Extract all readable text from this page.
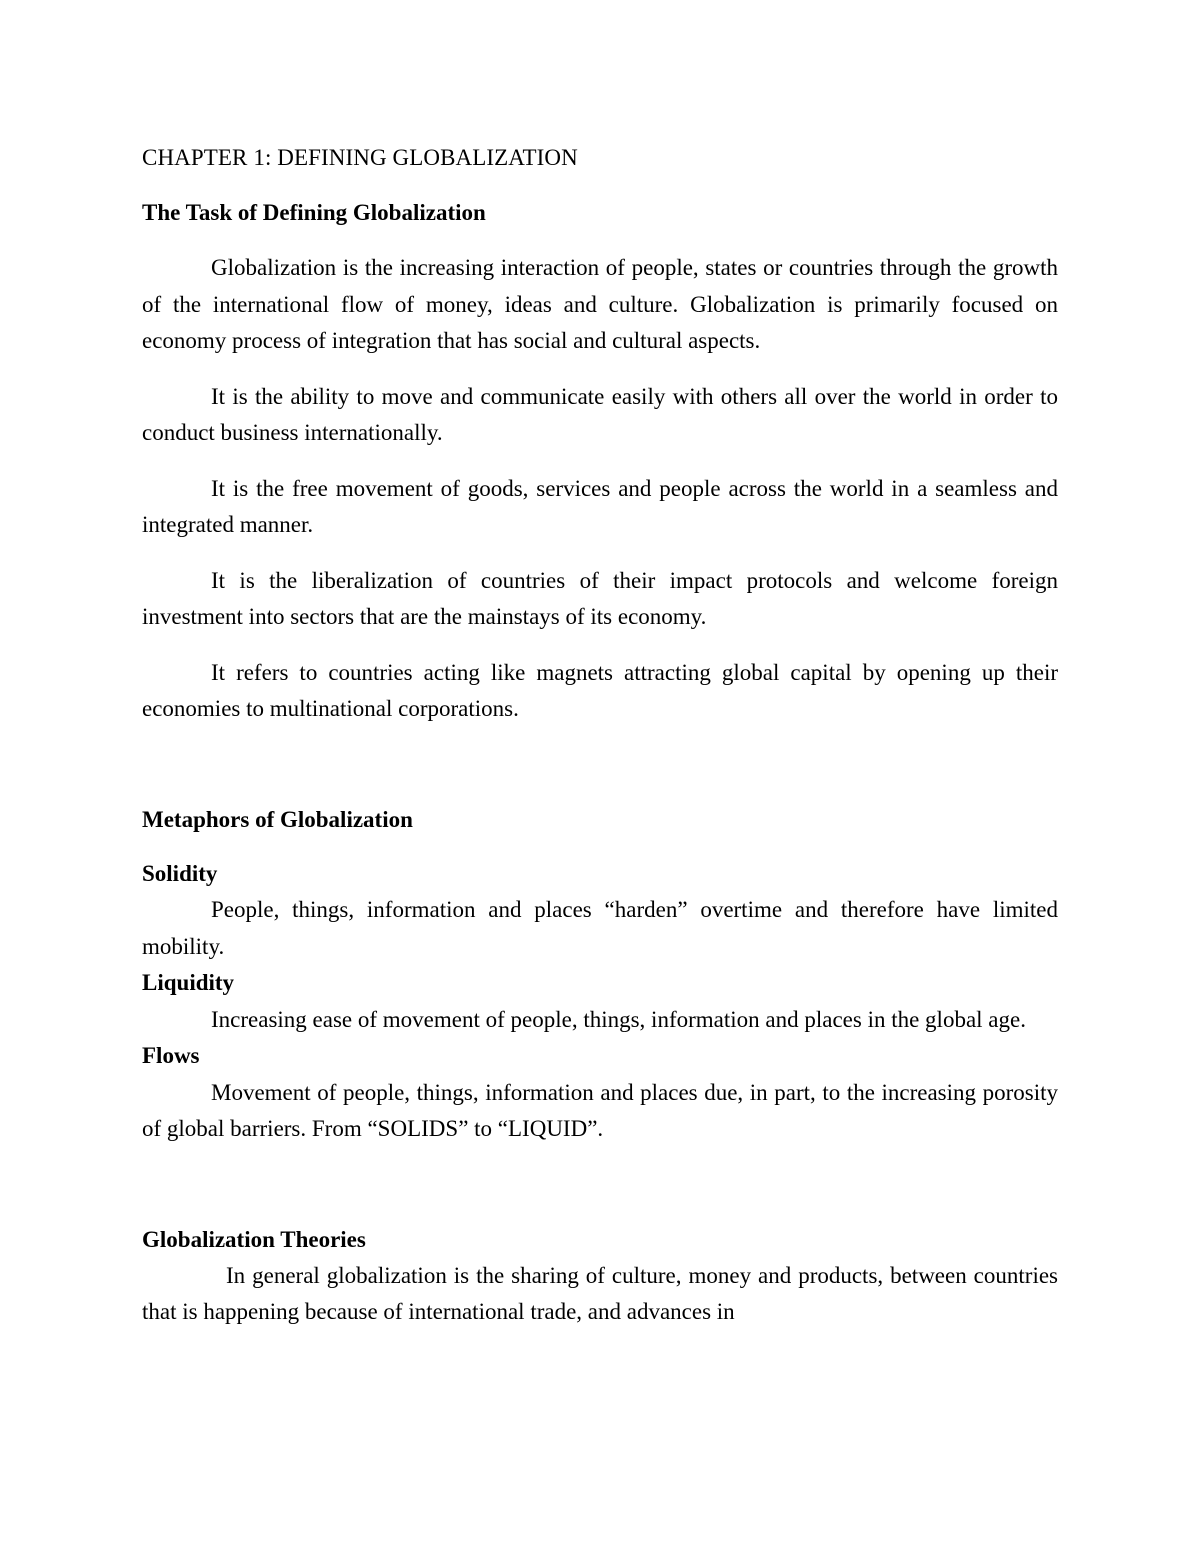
CHAPTER 1: DEFINING GLOBALIZATION

The Task of Defining Globalization

Globalization is the increasing interaction of people, states or countries through the growth of the international flow of money, ideas and culture. Globalization is primarily focused on economy process of integration that has social and cultural aspects.

It is the ability to move and communicate easily with others all over the world in order to conduct business internationally.

It is the free movement of goods, services and people across the world in a seamless and integrated manner.

It is the liberalization of countries of their impact protocols and welcome foreign investment into sectors that are the mainstays of its economy.

It refers to countries acting like magnets attracting global capital by opening up their economies to multinational corporations.

Metaphors of Globalization

Solidity

People, things, information and places “harden” overtime and therefore have limited mobility.

Liquidity

Increasing ease of movement of people, things, information and places in the global age.

Flows

Movement of people, things, information and places due, in part, to the increasing porosity of global barriers. From “SOLIDS” to “LIQUID”.

Globalization Theories

In general globalization is the sharing of culture, money and products, between countries that is happening because of international trade, and advances in
